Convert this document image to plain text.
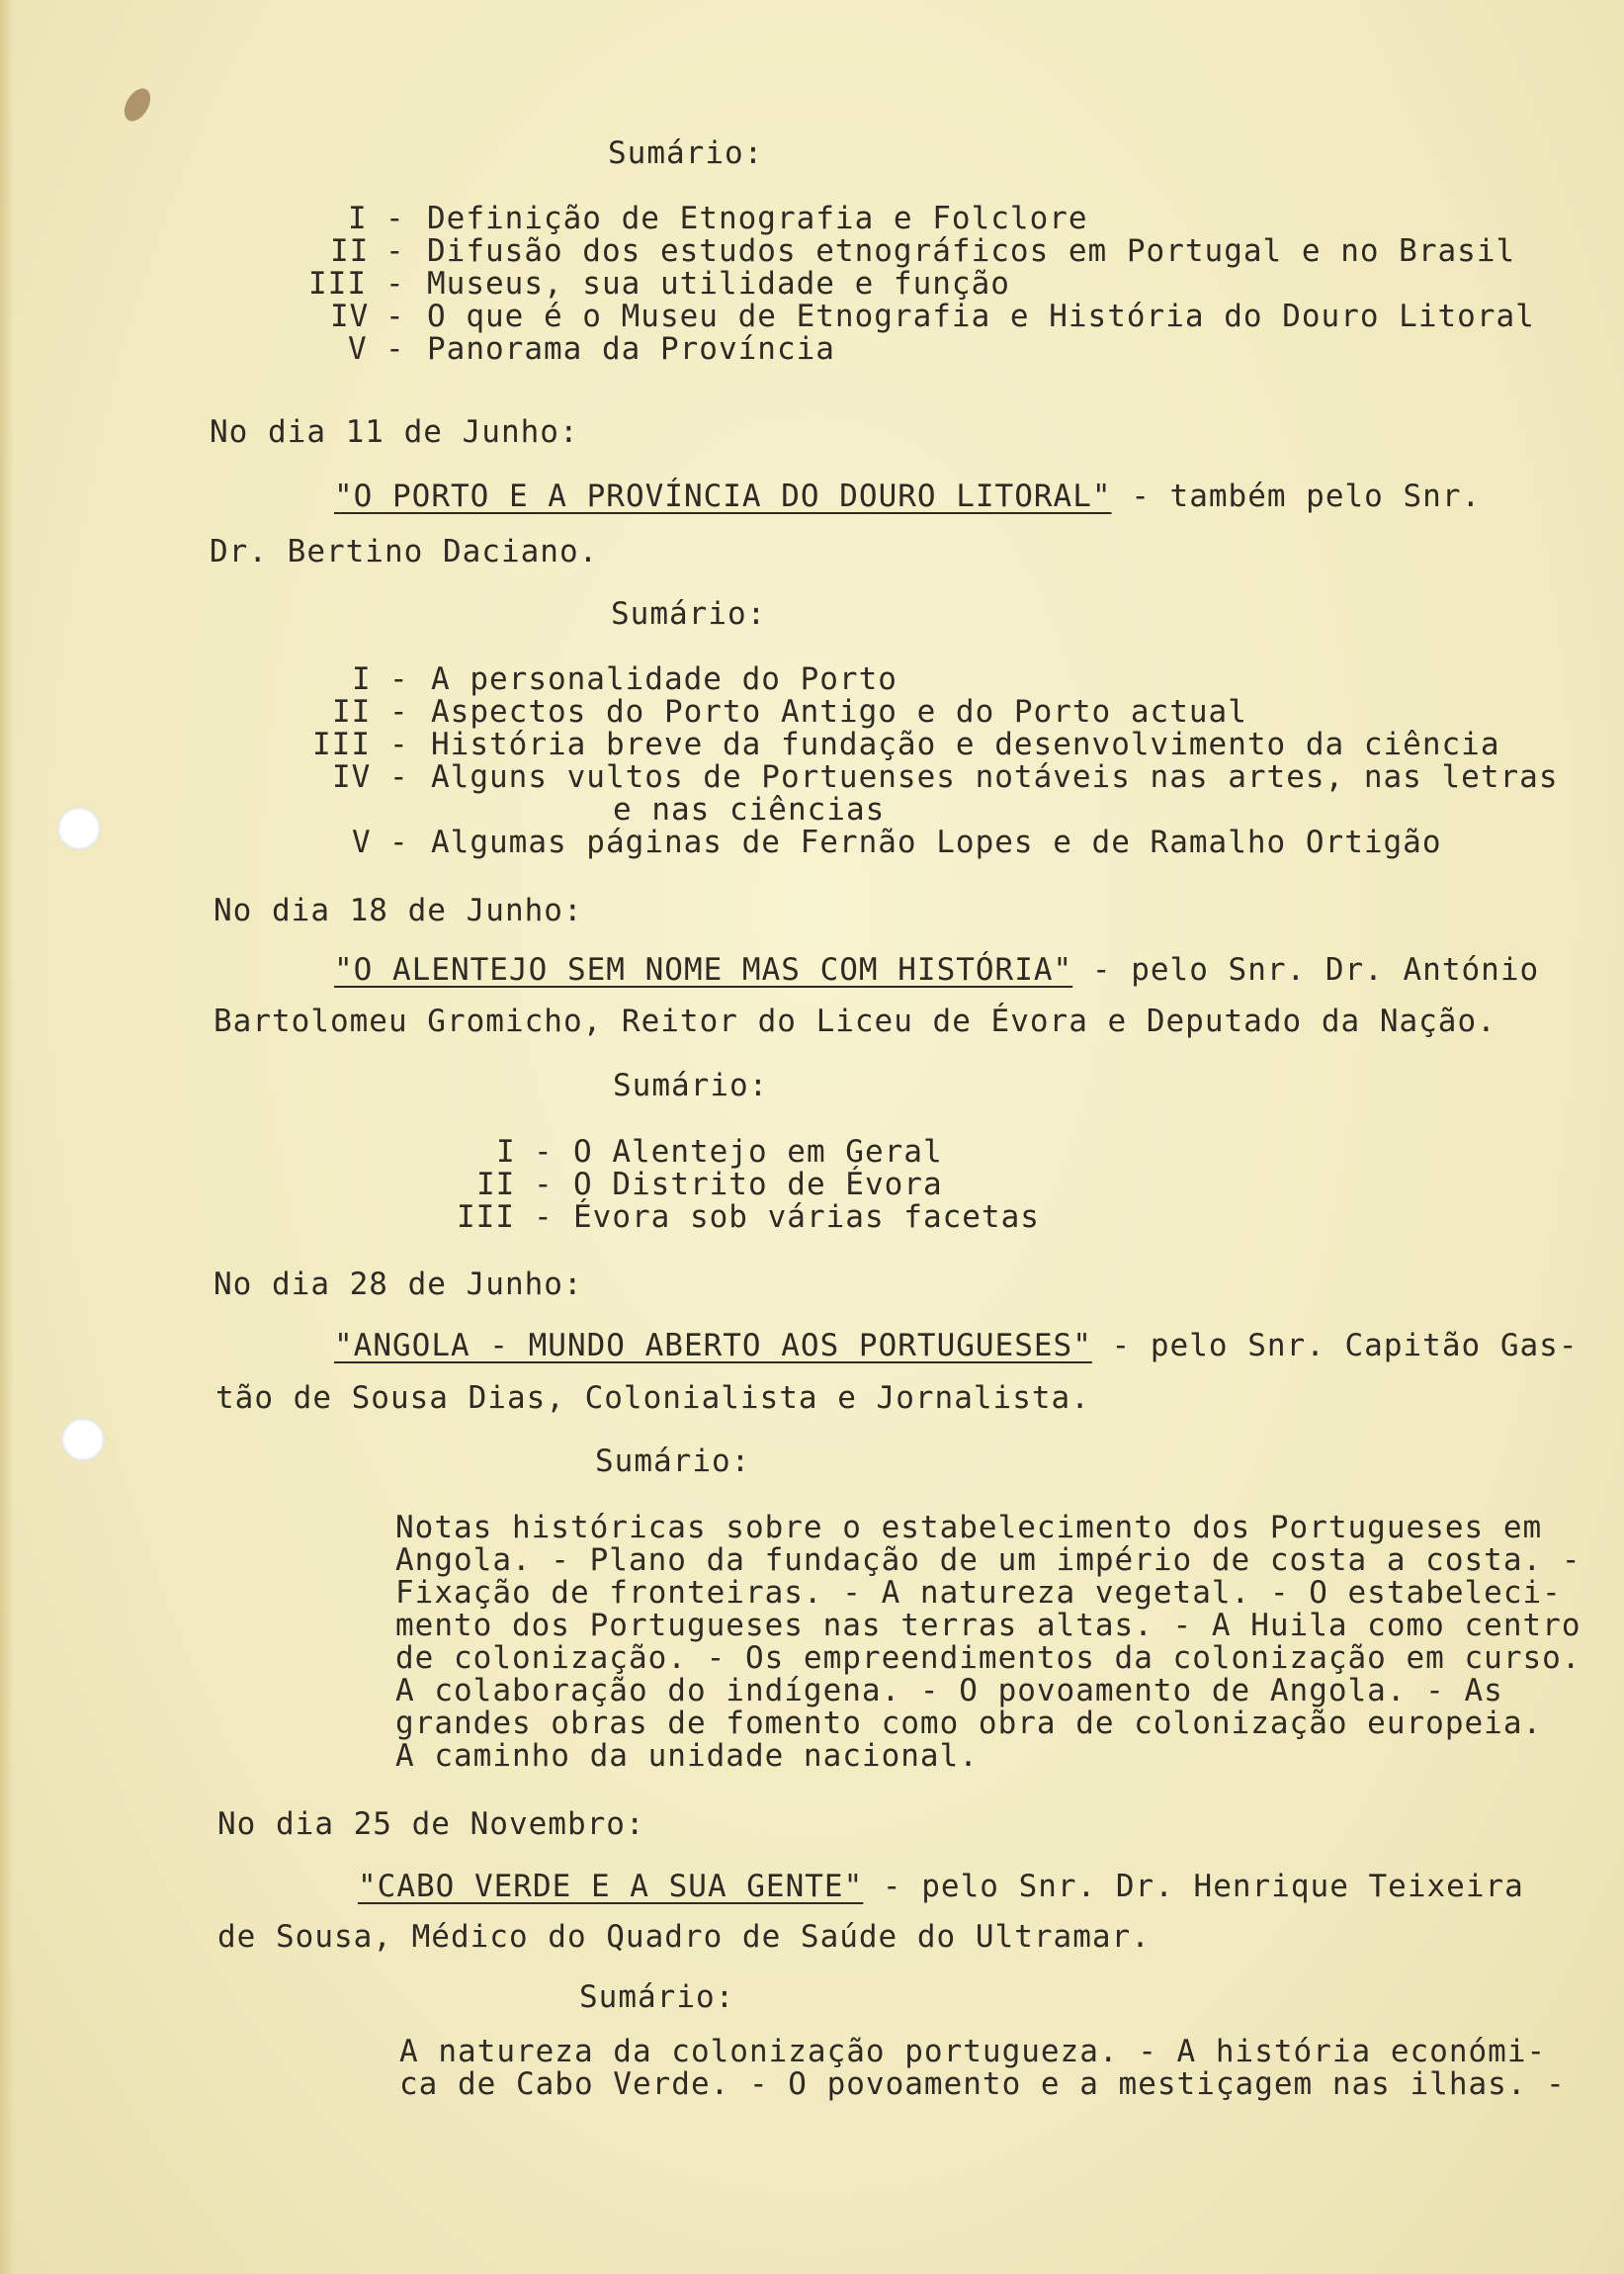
Sumário:
I - Definição de Etnografia e Folclore
II - Difusão dos estudos etnográficos em Portugal e no Brasil
III - Museus, sua utilidade e função
IV - O que é o Museu de Etnografia e História do Douro Litoral
V - Panorama da Província
No dia 11 de Junho:
"O PORTO E A PROVÍNCIA DO DOURO LITORAL" - também pelo Snr.
Dr. Bertino Daciano.
Sumário:
I - A personalidade do Porto
II - Aspectos do Porto Antigo e do Porto actual
III - História breve da fundação e desenvolvimento da ciência
IV - Alguns vultos de Portuenses notáveis nas artes, nas letras
e nas ciências
V - Algumas páginas de Fernão Lopes e de Ramalho Ortigão
No dia 18 de Junho:
"O ALENTEJO SEM NOME MAS COM HISTÓRIA" - pelo Snr. Dr. António
Bartolomeu Gromicho, Reitor do Liceu de Évora e Deputado da Nação.
Sumário:
I - O Alentejo em Geral
II - O Distrito de Évora
III - Évora sob várias facetas
No dia 28 de Junho:
"ANGOLA - MUNDO ABERTO AOS PORTUGUESES" - pelo Snr. Capitão Gas-
tão de Sousa Dias, Colonialista e Jornalista.
Sumário:
Notas históricas sobre o estabelecimento dos Portugueses em
Angola. - Plano da fundação de um império de costa a costa. -
Fixação de fronteiras. - A natureza vegetal. - O estabeleci-
mento dos Portugueses nas terras altas. - A Huila como centro
de colonização. - Os empreendimentos da colonização em curso.
A colaboração do indígena. - O povoamento de Angola. - As
grandes obras de fomento como obra de colonização europeia.
A caminho da unidade nacional.
No dia 25 de Novembro:
"CABO VERDE E A SUA GENTE" - pelo Snr. Dr. Henrique Teixeira
de Sousa, Médico do Quadro de Saúde do Ultramar.
Sumário:
A natureza da colonização portugueza. - A história económi-
ca de Cabo Verde. - O povoamento e a mestiçagem nas ilhas. -
